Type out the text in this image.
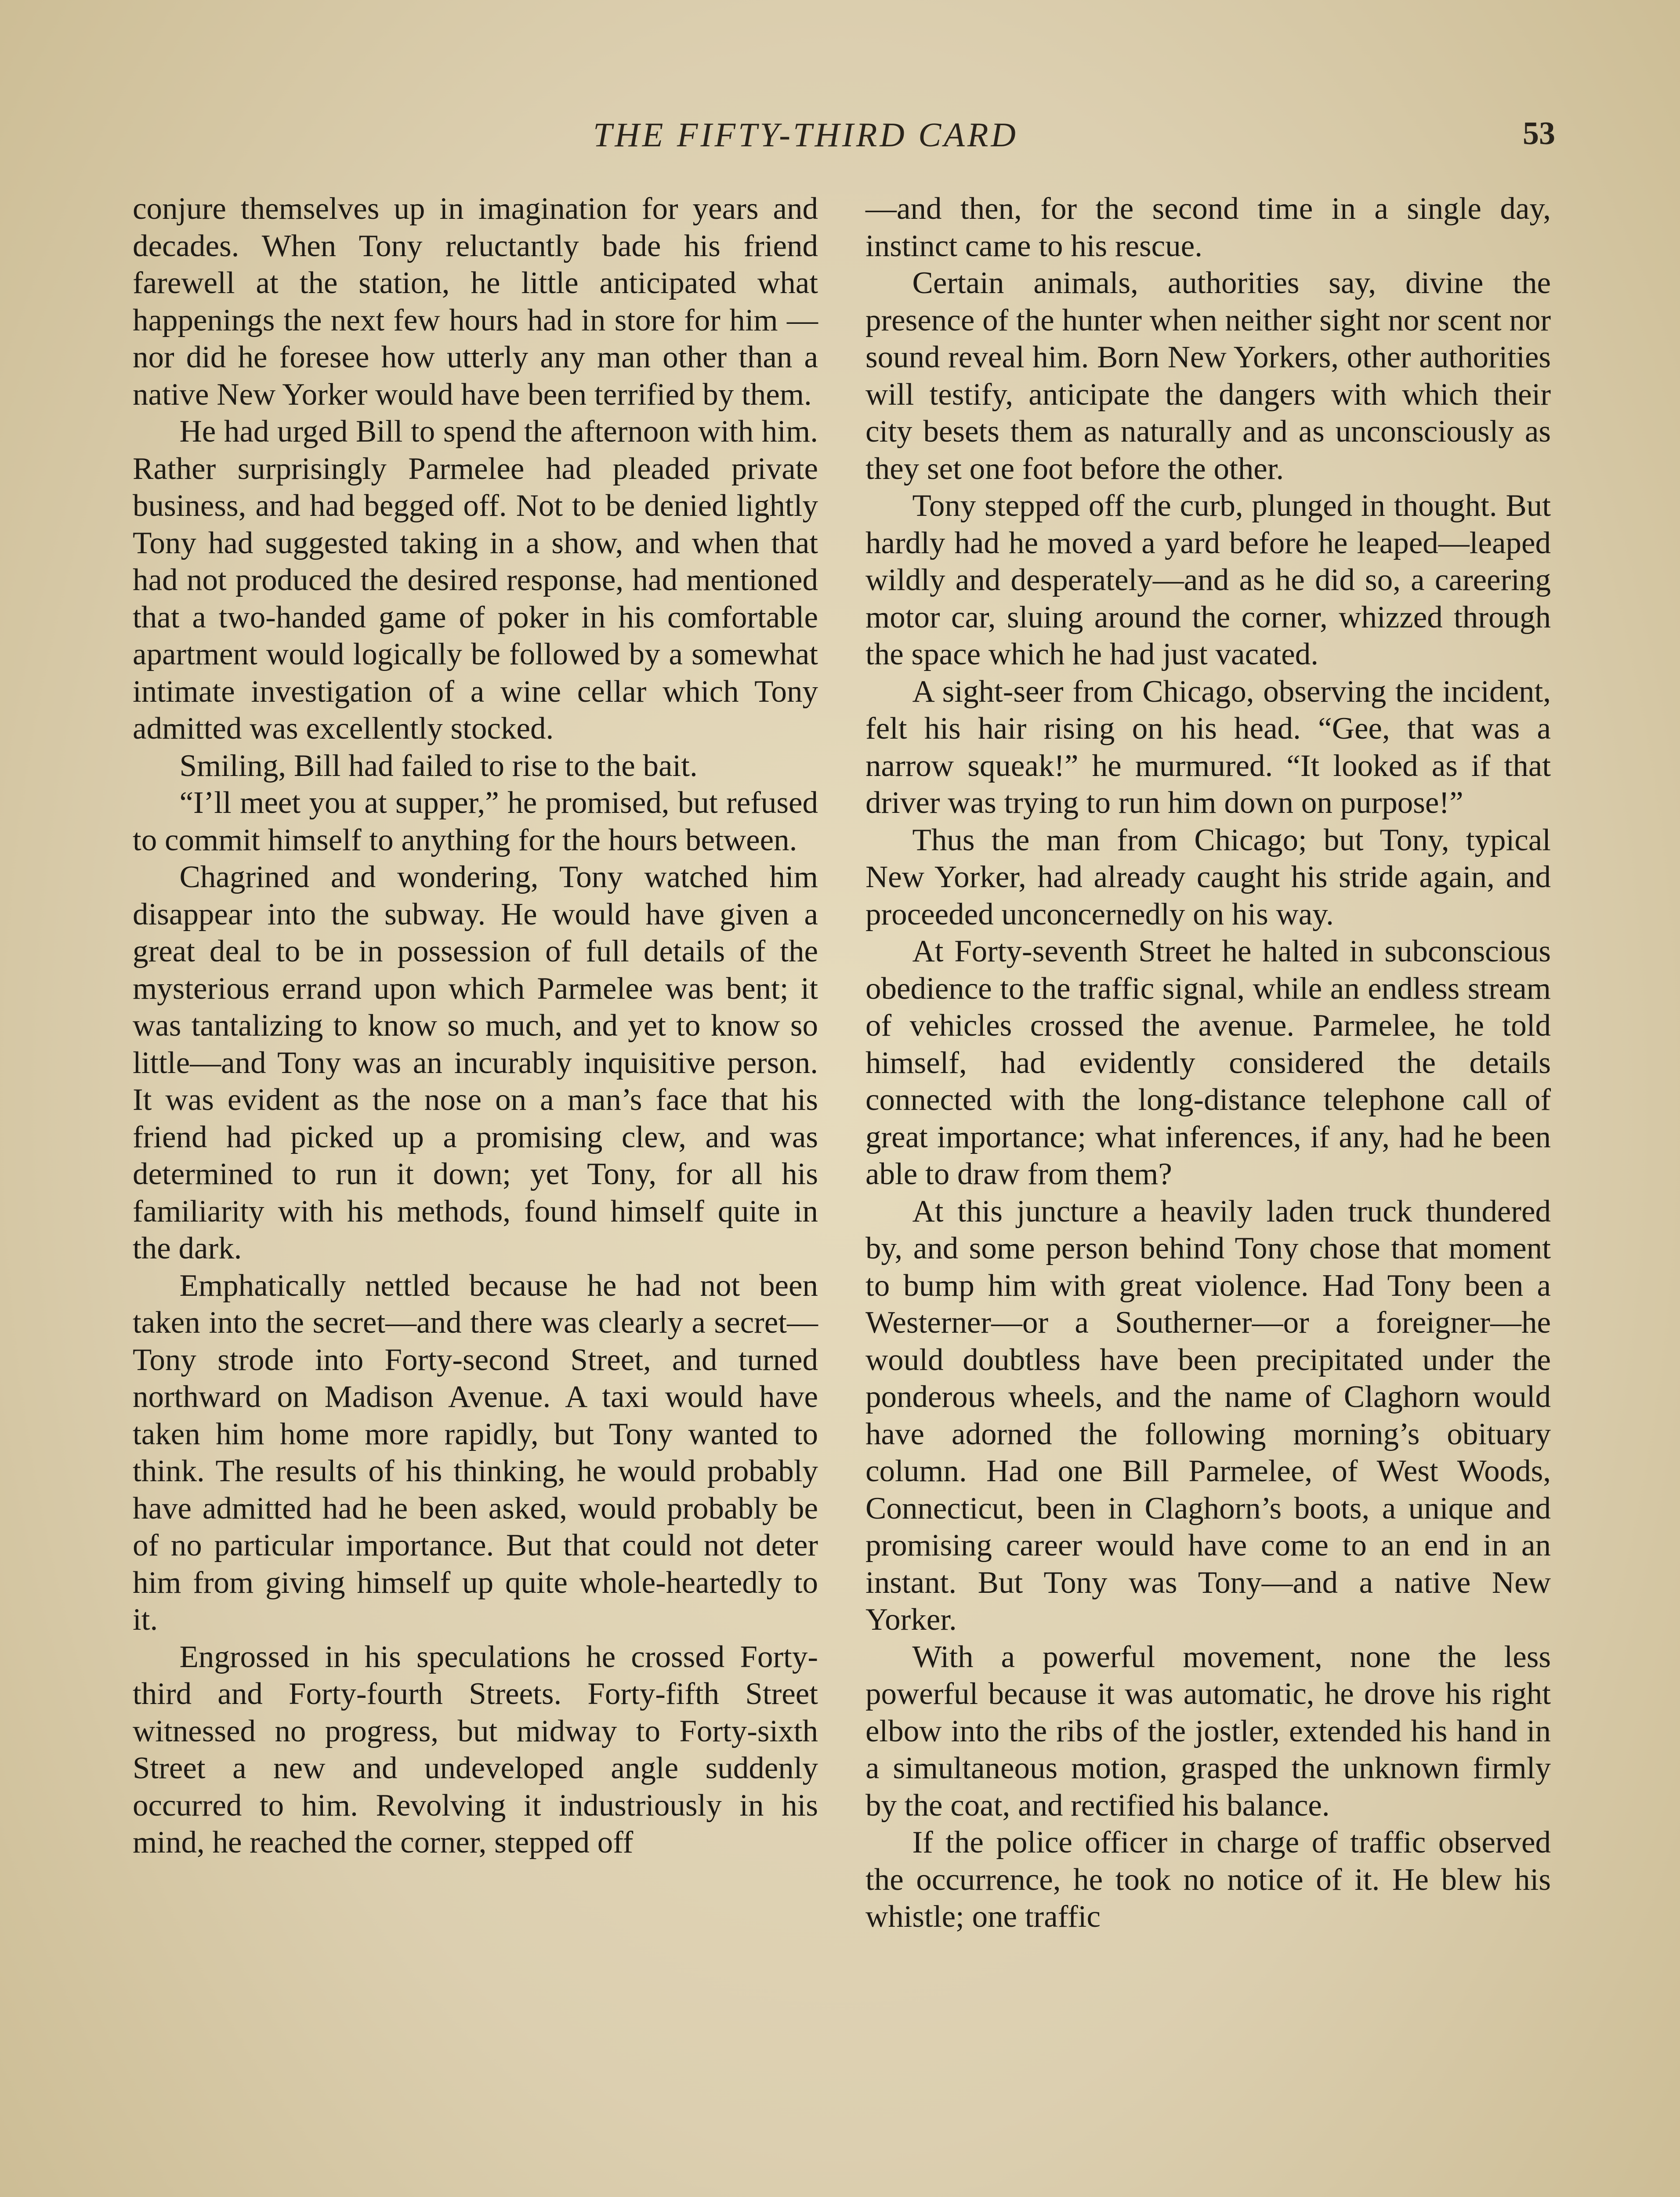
THE FIFTY-THIRD CARD	53

conjure themselves up in imagination for years and decades. When Tony reluctantly bade his friend farewell at the station, he little anticipated what happenings the next few hours had in store for him —nor did he foresee how utterly any man other than a native New Yorker would have been terrified by them.

He had urged Bill to spend the afternoon with him. Rather surprisingly Parmelee had pleaded private business, and had begged off. Not to be denied lightly Tony had suggested taking in a show, and when that had not produced the desired response, had mentioned that a two-handed game of poker in his comfortable apartment would logically be followed by a somewhat intimate investigation of a wine cellar which Tony admitted was excellently stocked.

Smiling, Bill had failed to rise to the bait.

“I’ll meet you at supper,” he promised, but refused to commit himself to anything for the hours between.

Chagrined and wondering, Tony watched him disappear into the subway. He would have given a great deal to be in possession of full details of the mysterious errand upon which Parmelee was bent; it was tantalizing to know so much, and yet to know so little—and Tony was an incurably inquisitive person. It was evident as the nose on a man’s face that his friend had picked up a promising clew, and was determined to run it down; yet Tony, for all his familiarity with his methods, found himself quite in the dark.

Emphatically nettled because he had not been taken into the secret—and there was clearly a secret—Tony strode into Forty-second Street, and turned northward on Madison Avenue. A taxi would have taken him home more rapidly, but Tony wanted to think. The results of his thinking, he would probably have admitted had he been asked, would probably be of no particular importance. But that could not deter him from giving himself up quite whole-heartedly to it.

Engrossed in his speculations he crossed Forty-third and Forty-fourth Streets. Forty-fifth Street witnessed no progress, but midway to Forty-sixth Street a new and undeveloped angle suddenly occurred to him. Revolving it industriously in his mind, he reached the corner, stepped off

—and then, for the second time in a single day, instinct came to his rescue.

Certain animals, authorities say, divine the presence of the hunter when neither sight nor scent nor sound reveal him. Born New Yorkers, other authorities will testify, anticipate the dangers with which their city besets them as naturally and as unconsciously as they set one foot before the other.

Tony stepped off the curb, plunged in thought. But hardly had he moved a yard before he leaped—leaped wildly and desperately—and as he did so, a careering motor car, sluing around the corner, whizzed through the space which he had just vacated.

A sight-seer from Chicago, observing the incident, felt his hair rising on his head. “Gee, that was a narrow squeak!” he murmured. “It looked as if that driver was trying to run him down on purpose!”

Thus the man from Chicago; but Tony, typical New Yorker, had already caught his stride again, and proceeded unconcernedly on his way.

At Forty-seventh Street he halted in subconscious obedience to the traffic signal, while an endless stream of vehicles crossed the avenue. Parmelee, he told himself, had evidently considered the details connected with the long-distance telephone call of great importance; what inferences, if any, had he been able to draw from them?

At this juncture a heavily laden truck thundered by, and some person behind Tony chose that moment to bump him with great violence. Had Tony been a Westerner—or a Southerner—or a foreigner—he would doubtless have been precipitated under the ponderous wheels, and the name of Claghorn would have adorned the following morning’s obituary column. Had one Bill Parmelee, of West Woods, Connecticut, been in Claghorn’s boots, a unique and promising career would have come to an end in an instant. But Tony was Tony—and a native New Yorker.

With a powerful movement, none the less powerful because it was automatic, he drove his right elbow into the ribs of the jostler, extended his hand in a simultaneous motion, grasped the unknown firmly by the coat, and rectified his balance.

If the police officer in charge of traffic observed the occurrence, he took no notice of it. He blew his whistle; one traffic
